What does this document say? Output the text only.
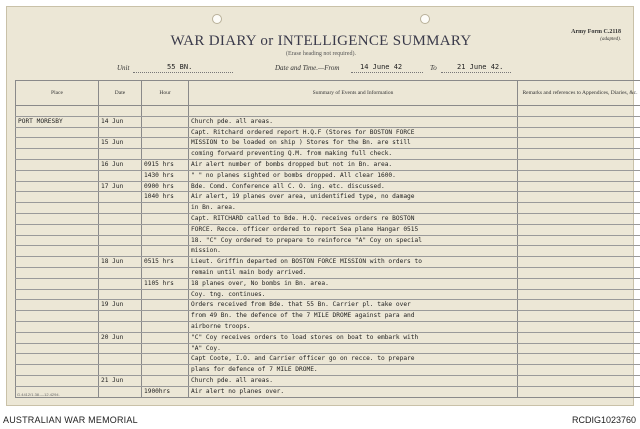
WAR DIARY or INTELLIGENCE SUMMARY
(Erase heading not required).
Army Form C.2118
(adapted).
Unit	55 BN.	Date and Time.—From	14 June 42	To	21 June 42.
Place	Date	Hour	Summary of Events and Information	Remarks and references to Appendices, Diaries, &c.

PORT MORESBY	14 Jun		Church pde. all areas.	
			Capt. Ritchard ordered report H.Q.F (Stores for BOSTON FORCE	
	15 Jun		MISSION to be loaded on ship ) Stores for the Bn. are still	
			coming forward preventing Q.M. from making full check.	
	16 Jun	0915 hrs	Air alert number of bombs dropped but not in Bn. area.	
		1430 hrs	" " no planes sighted or bombs dropped. All clear 1600.	
	17 Jun	0900 hrs	Bde. Comd. Conference all C. O. ing. etc. discussed.	
		1040 hrs	Air alert, 19 planes over area, unidentified type, no damage	
			in Bn. area.	
			Capt. RITCHARD called to Bde. H.Q. receives orders re BOSTON	
			FORCE. Recce. officer ordered to report Sea plane Hangar 0515	
			18. "C" Coy ordered to prepare to reinforce "A" Coy on special	
			mission.	
	18 Jun	0515 hrs	Lieut. Griffin departed on BOSTON FORCE MISSION with orders to	
			remain until main body arrived.	
		1105 hrs	18 planes over, No bombs in Bn. area.	
			Coy. tng. continues.	
	19 Jun		Orders received from Bde. that 55 Bn. Carrier pl. take over	
			from 49 Bn. the defence of the 7 MILE DROME against para and	
			airborne troops.	
	20 Jun		"C" Coy receives orders to load stores on boat to embark with	
			"A" Coy.	
			Capt Coote, I.O. and Carrier officer go on recce. to prepare	
			plans for defence of 7 MILE DROME.	
	21 Jun		Church pde. all areas.	
		1900hrs	Air alert no planes over.	
G.4412/1.38.—12.4294.
AUSTRALIAN WAR MEMORIAL	RCDIG1023760
